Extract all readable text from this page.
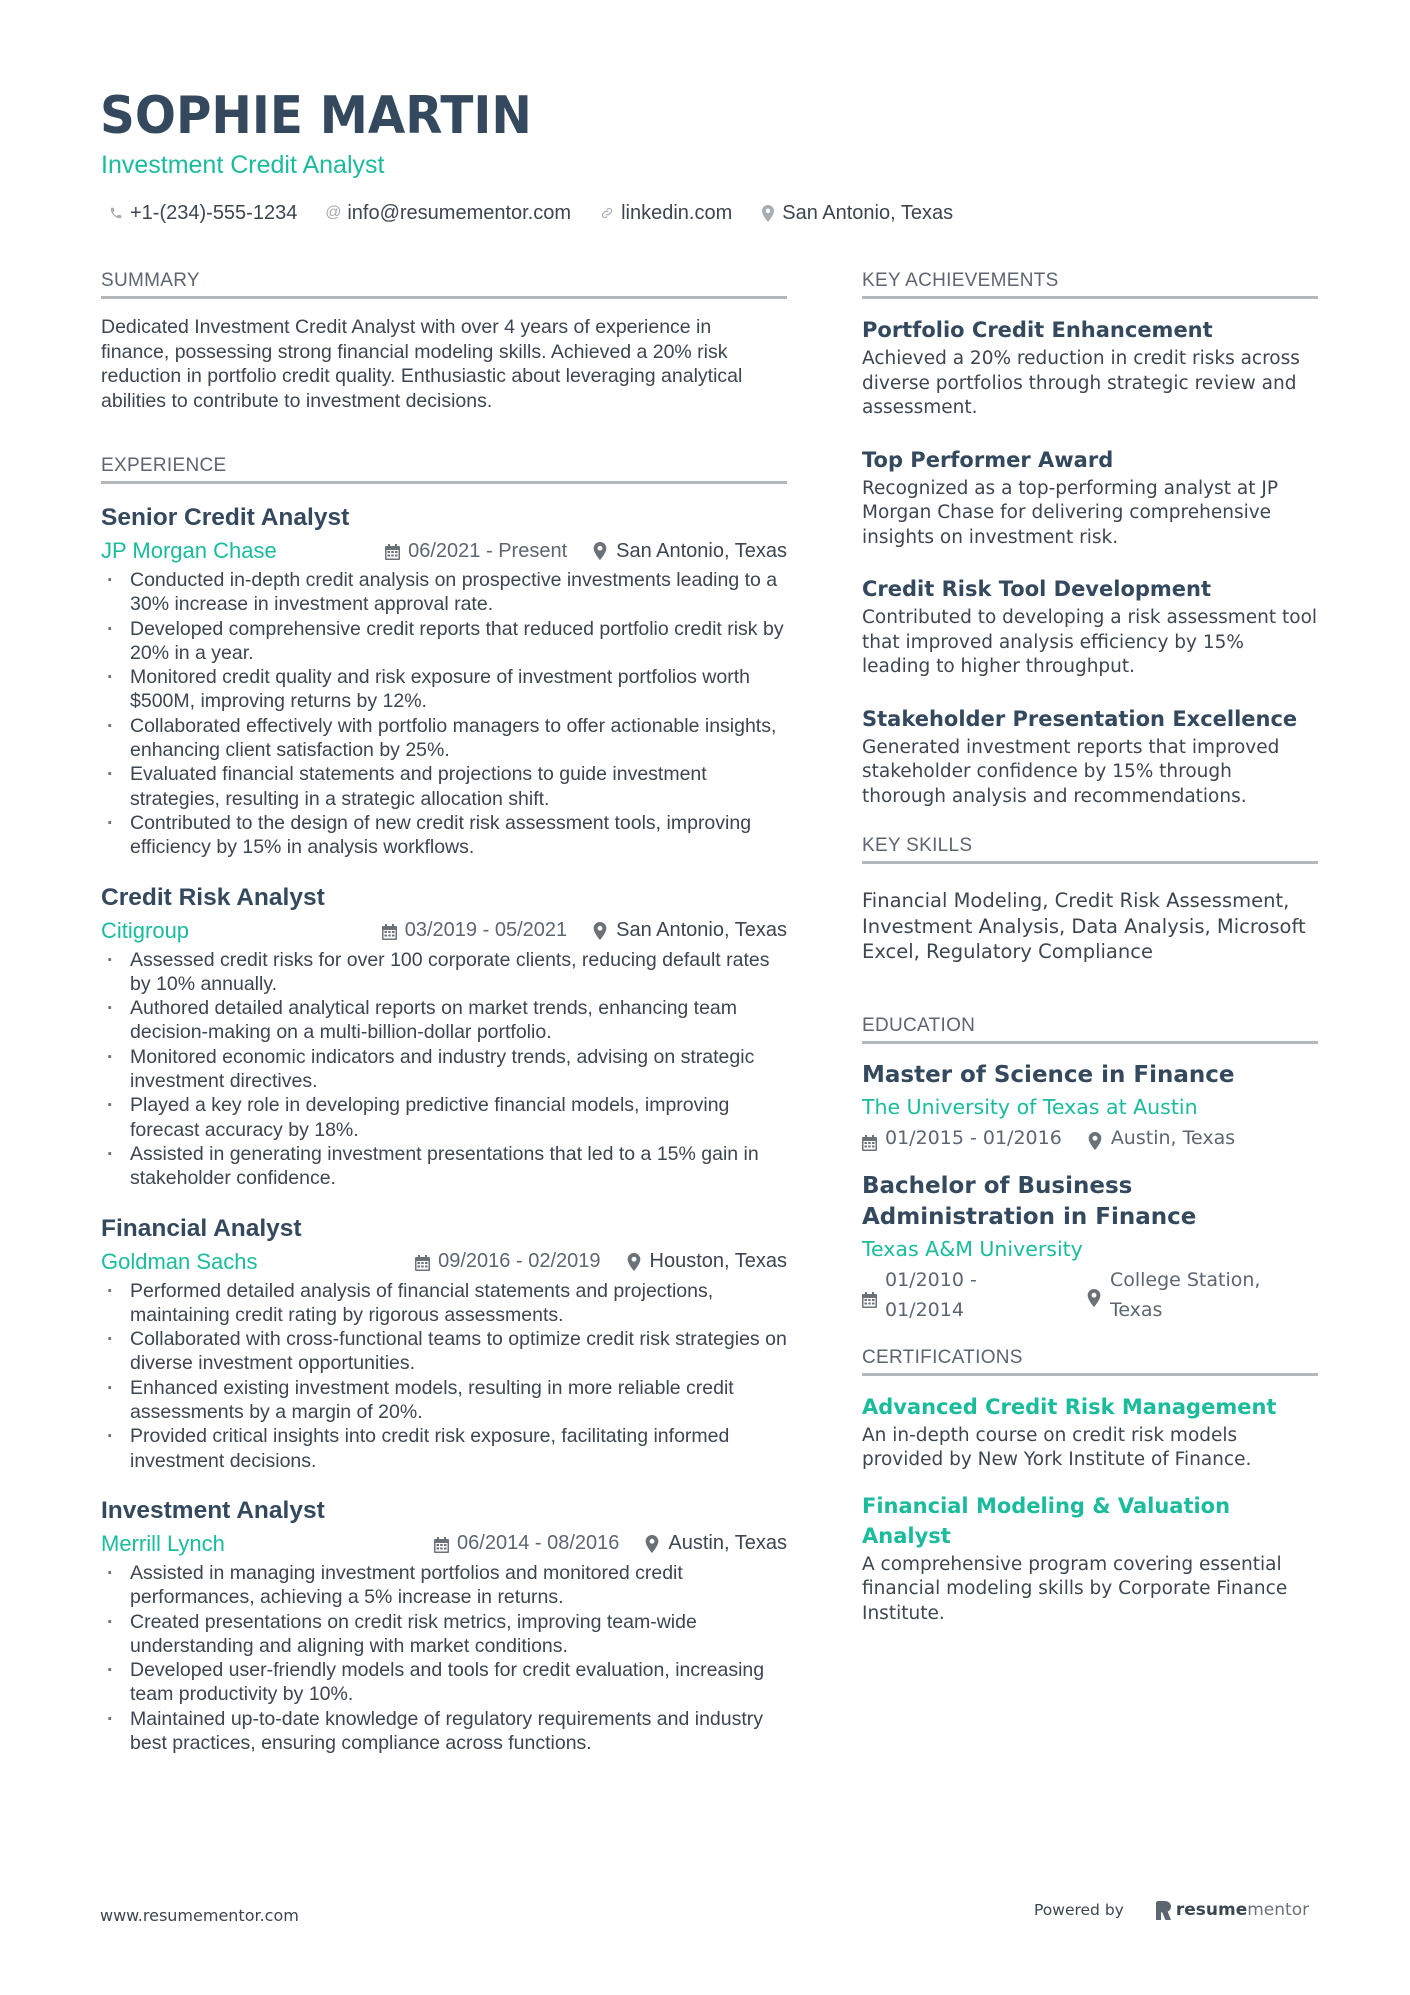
SOPHIE MARTIN
Investment Credit Analyst
+1-(234)-555-1234 @ info@resumementor.com	linkedin.com	San Antonio, Texas
SUMMARY

Dedicated Investment Credit Analyst with over 4 years of experience in finance, possessing strong financial modeling skills. Achieved a 20% risk reduction in portfolio credit quality. Enthusiastic about leveraging analytical abilities to contribute to investment decisions.

EXPERIENCE
Senior Credit Analyst
JP Morgan Chase	06/2021 - Present San Antonio, Texas
· Conducted in-depth credit analysis on prospective investments leading to a 30% increase in investment approval rate.
· Developed comprehensive credit reports that reduced portfolio credit risk by 20% in a year.
· Monitored credit quality and risk exposure of investment portfolios worth $500M, improving returns by 12%.
· Collaborated effectively with portfolio managers to offer actionable insights, enhancing client satisfaction by 25%.
· Evaluated financial statements and projections to guide investment strategies, resulting in a strategic allocation shift.
· Contributed to the design of new credit risk assessment tools, improving efficiency by 15% in analysis workflows.
Credit Risk Analyst
Citigroup	03/2019 - 05/2021 San Antonio, Texas
· Assessed credit risks for over 100 corporate clients, reducing default rates by 10% annually.
· Authored detailed analytical reports on market trends, enhancing team decision-making on a multi-billion-dollar portfolio.
· Monitored economic indicators and industry trends, advising on strategic investment directives.
· Played a key role in developing predictive financial models, improving forecast accuracy by 18%.
· Assisted in generating investment presentations that led to a 15% gain in stakeholder confidence.
Financial Analyst
Goldman Sachs	09/2016 - 02/2019 Houston, Texas
· Performed detailed analysis of financial statements and projections, maintaining credit rating by rigorous assessments.
· Collaborated with cross-functional teams to optimize credit risk strategies on diverse investment opportunities.
· Enhanced existing investment models, resulting in more reliable credit assessments by a margin of 20%.
· Provided critical insights into credit risk exposure, facilitating informed investment decisions.
Investment Analyst
Merrill Lynch	06/2014 - 08/2016 Austin, Texas
· Assisted in managing investment portfolios and monitored credit performances, achieving a 5% increase in returns.
· Created presentations on credit risk metrics, improving team-wide understanding and aligning with market conditions.
· Developed user-friendly models and tools for credit evaluation, increasing team productivity by 10%.
· Maintained up-to-date knowledge of regulatory requirements and industry best practices, ensuring compliance across functions.
KEY ACHIEVEMENTS
Portfolio Credit Enhancement

Achieved a 20% reduction in credit risks across diverse portfolios through strategic review and assessment.

Top Performer Award

Recognized as a top-performing analyst at JP Morgan Chase for delivering comprehensive insights on investment risk.

Credit Risk Tool Development

Contributed to developing a risk assessment tool that improved analysis efficiency by 15% leading to higher throughput.

Stakeholder Presentation Excellence

Generated investment reports that improved stakeholder confidence by 15% through thorough analysis and recommendations.

KEY SKILLS

Financial Modeling, Credit Risk Assessment, Investment Analysis, Data Analysis, Microsoft Excel, Regulatory Compliance

EDUCATION
Master of Science in Finance
The University of Texas at Austin
01/2015 - 01/2016	Austin, Texas
Bachelor of Business Administration in Finance
Texas A&M University
01/2010 - 01/2014
College Station, Texas
CERTIFICATIONS
Advanced Credit Risk Management

An in-depth course on credit risk models provided by New York Institute of Finance.

Financial Modeling & Valuation Analyst

A comprehensive program covering essential financial modeling skills by Corporate Finance Institute.

www.resumementor.com	Powered by	resume mentor
